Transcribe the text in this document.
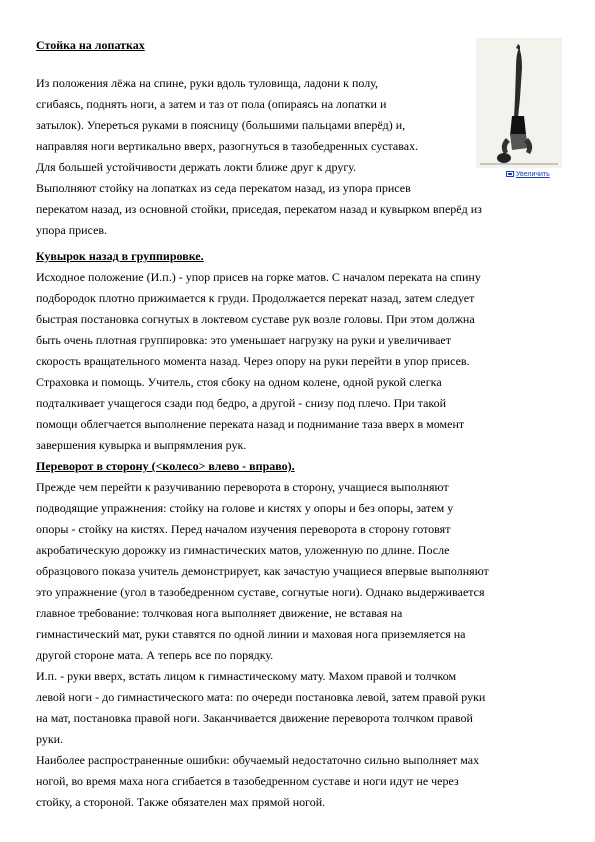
Стойка на лопатках
Из положения лёжа на спине, руки вдоль туловища, ладони к полу,
сгибаясь, поднять ноги, а затем и таз от пола (опираясь на лопатки и
затылок). Упереться руками в поясницу (большими пальцами вперёд) и,
направляя ноги вертикально вверх, разогнуться в тазобедренных суставах.
Для большей устойчивости держать локти ближе друг к другу.
Выполняют стойку на лопатках из седа перекатом назад, из упора присев
перекатом назад, из основной стойки, приседая, перекатом назад и кувырком вперёд из
упора присев.
Увеличить
Кувырок назад в группировке.
Исходное положение (И.п.) - упор присев на горке матов. С началом переката на спину
подбородок плотно прижимается к груди. Продолжается перекат назад, затем следует
быстрая постановка согнутых в локтевом суставе рук возле головы. При этом должна
быть очень плотная группировка: это уменьшает нагрузку на руки и увеличивает
скорость вращательного момента назад. Через опору на руки перейти в упор присев.
Страховка и помощь. Учитель, стоя сбоку на одном колене, одной рукой слегка
подталкивает учащегося сзади под бедро, а другой - снизу под плечо. При такой
помощи облегчается выполнение переката назад и поднимание таза вверх в момент
завершения кувырка и выпрямления рук.
Переворот в сторону (<колесо> влево - вправо).
Прежде чем перейти к разучиванию переворота в сторону, учащиеся выполняют
подводящие упражнения: стойку на голове и кистях у опоры и без опоры, затем у
опоры - стойку на кистях. Перед началом изучения переворота в сторону готовят
акробатическую дорожку из гимнастических матов, уложенную по длине. После
образцового показа учитель демонстрирует, как зачастую учащиеся впервые выполняют
это упражнение (угол в тазобедренном суставе, согнутые ноги). Однако выдерживается
главное требование: толчковая нога выполняет движение, не вставая на
гимнастический мат, руки ставятся по одной линии и маховая нога приземляется на
другой стороне мата. А теперь все по порядку.
И.п. - руки вверх, встать лицом к гимнастическому мату. Махом правой и толчком
левой ноги - до гимнастического мата: по очереди постановка левой, затем правой руки
на мат, постановка правой ноги. Заканчивается движение переворота толчком правой
руки.
Наиболее распространенные ошибки: обучаемый недостаточно сильно выполняет мах
ногой, во время маха нога сгибается в тазобедренном суставе и ноги идут не через
стойку, а стороной. Также обязателен мах прямой ногой.
